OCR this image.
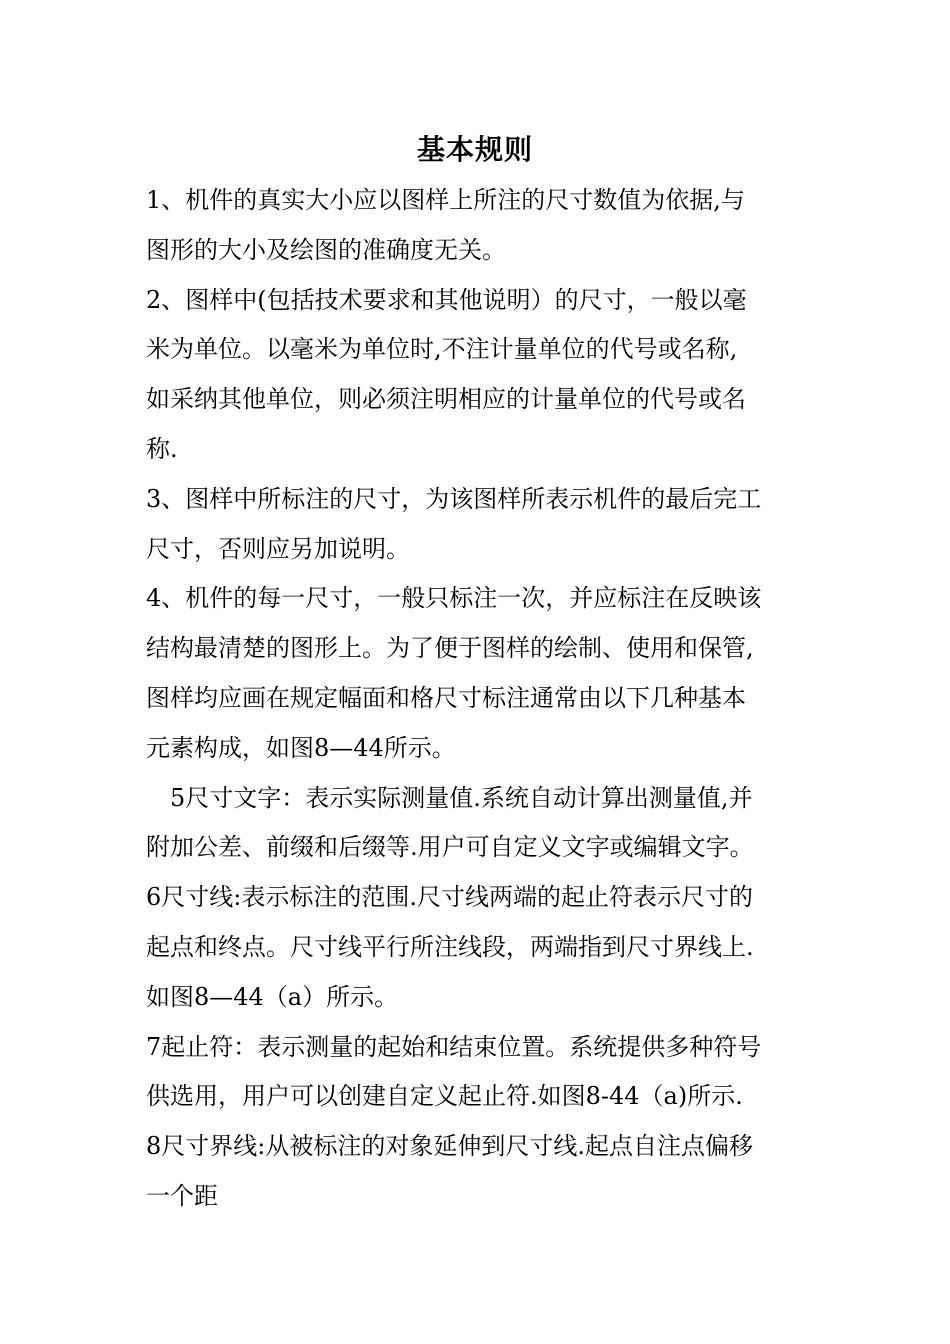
基本规则
1、机件的真实大小应以图样上所注的尺寸数值为依据,与
图形的大小及绘图的准确度无关。
2、图样中(包括技术要求和其他说明）的尺寸，一般以毫
米为单位。以毫米为单位时,不注计量单位的代号或名称,
如采纳其他单位，则必须注明相应的计量单位的代号或名
称.
3、图样中所标注的尺寸，为该图样所表示机件的最后完工
尺寸，否则应另加说明。
4、机件的每一尺寸，一般只标注一次，并应标注在反映该
结构最清楚的图形上。为了便于图样的绘制、使用和保管,
图样均应画在规定幅面和格尺寸标注通常由以下几种基本
元素构成，如图8—44所示。
5尺寸文字：表示实际测量值.系统自动计算出测量值,并
附加公差、前缀和后缀等.用户可自定义文字或编辑文字。
6尺寸线:表示标注的范围.尺寸线两端的起止符表示尺寸的
起点和终点。尺寸线平行所注线段，两端指到尺寸界线上.
如图8—44（a）所示。
7起止符：表示测量的起始和结束位置。系统提供多种符号
供选用，用户可以创建自定义起止符.如图8-44（a)所示.
8尺寸界线:从被标注的对象延伸到尺寸线.起点自注点偏移
一个距
